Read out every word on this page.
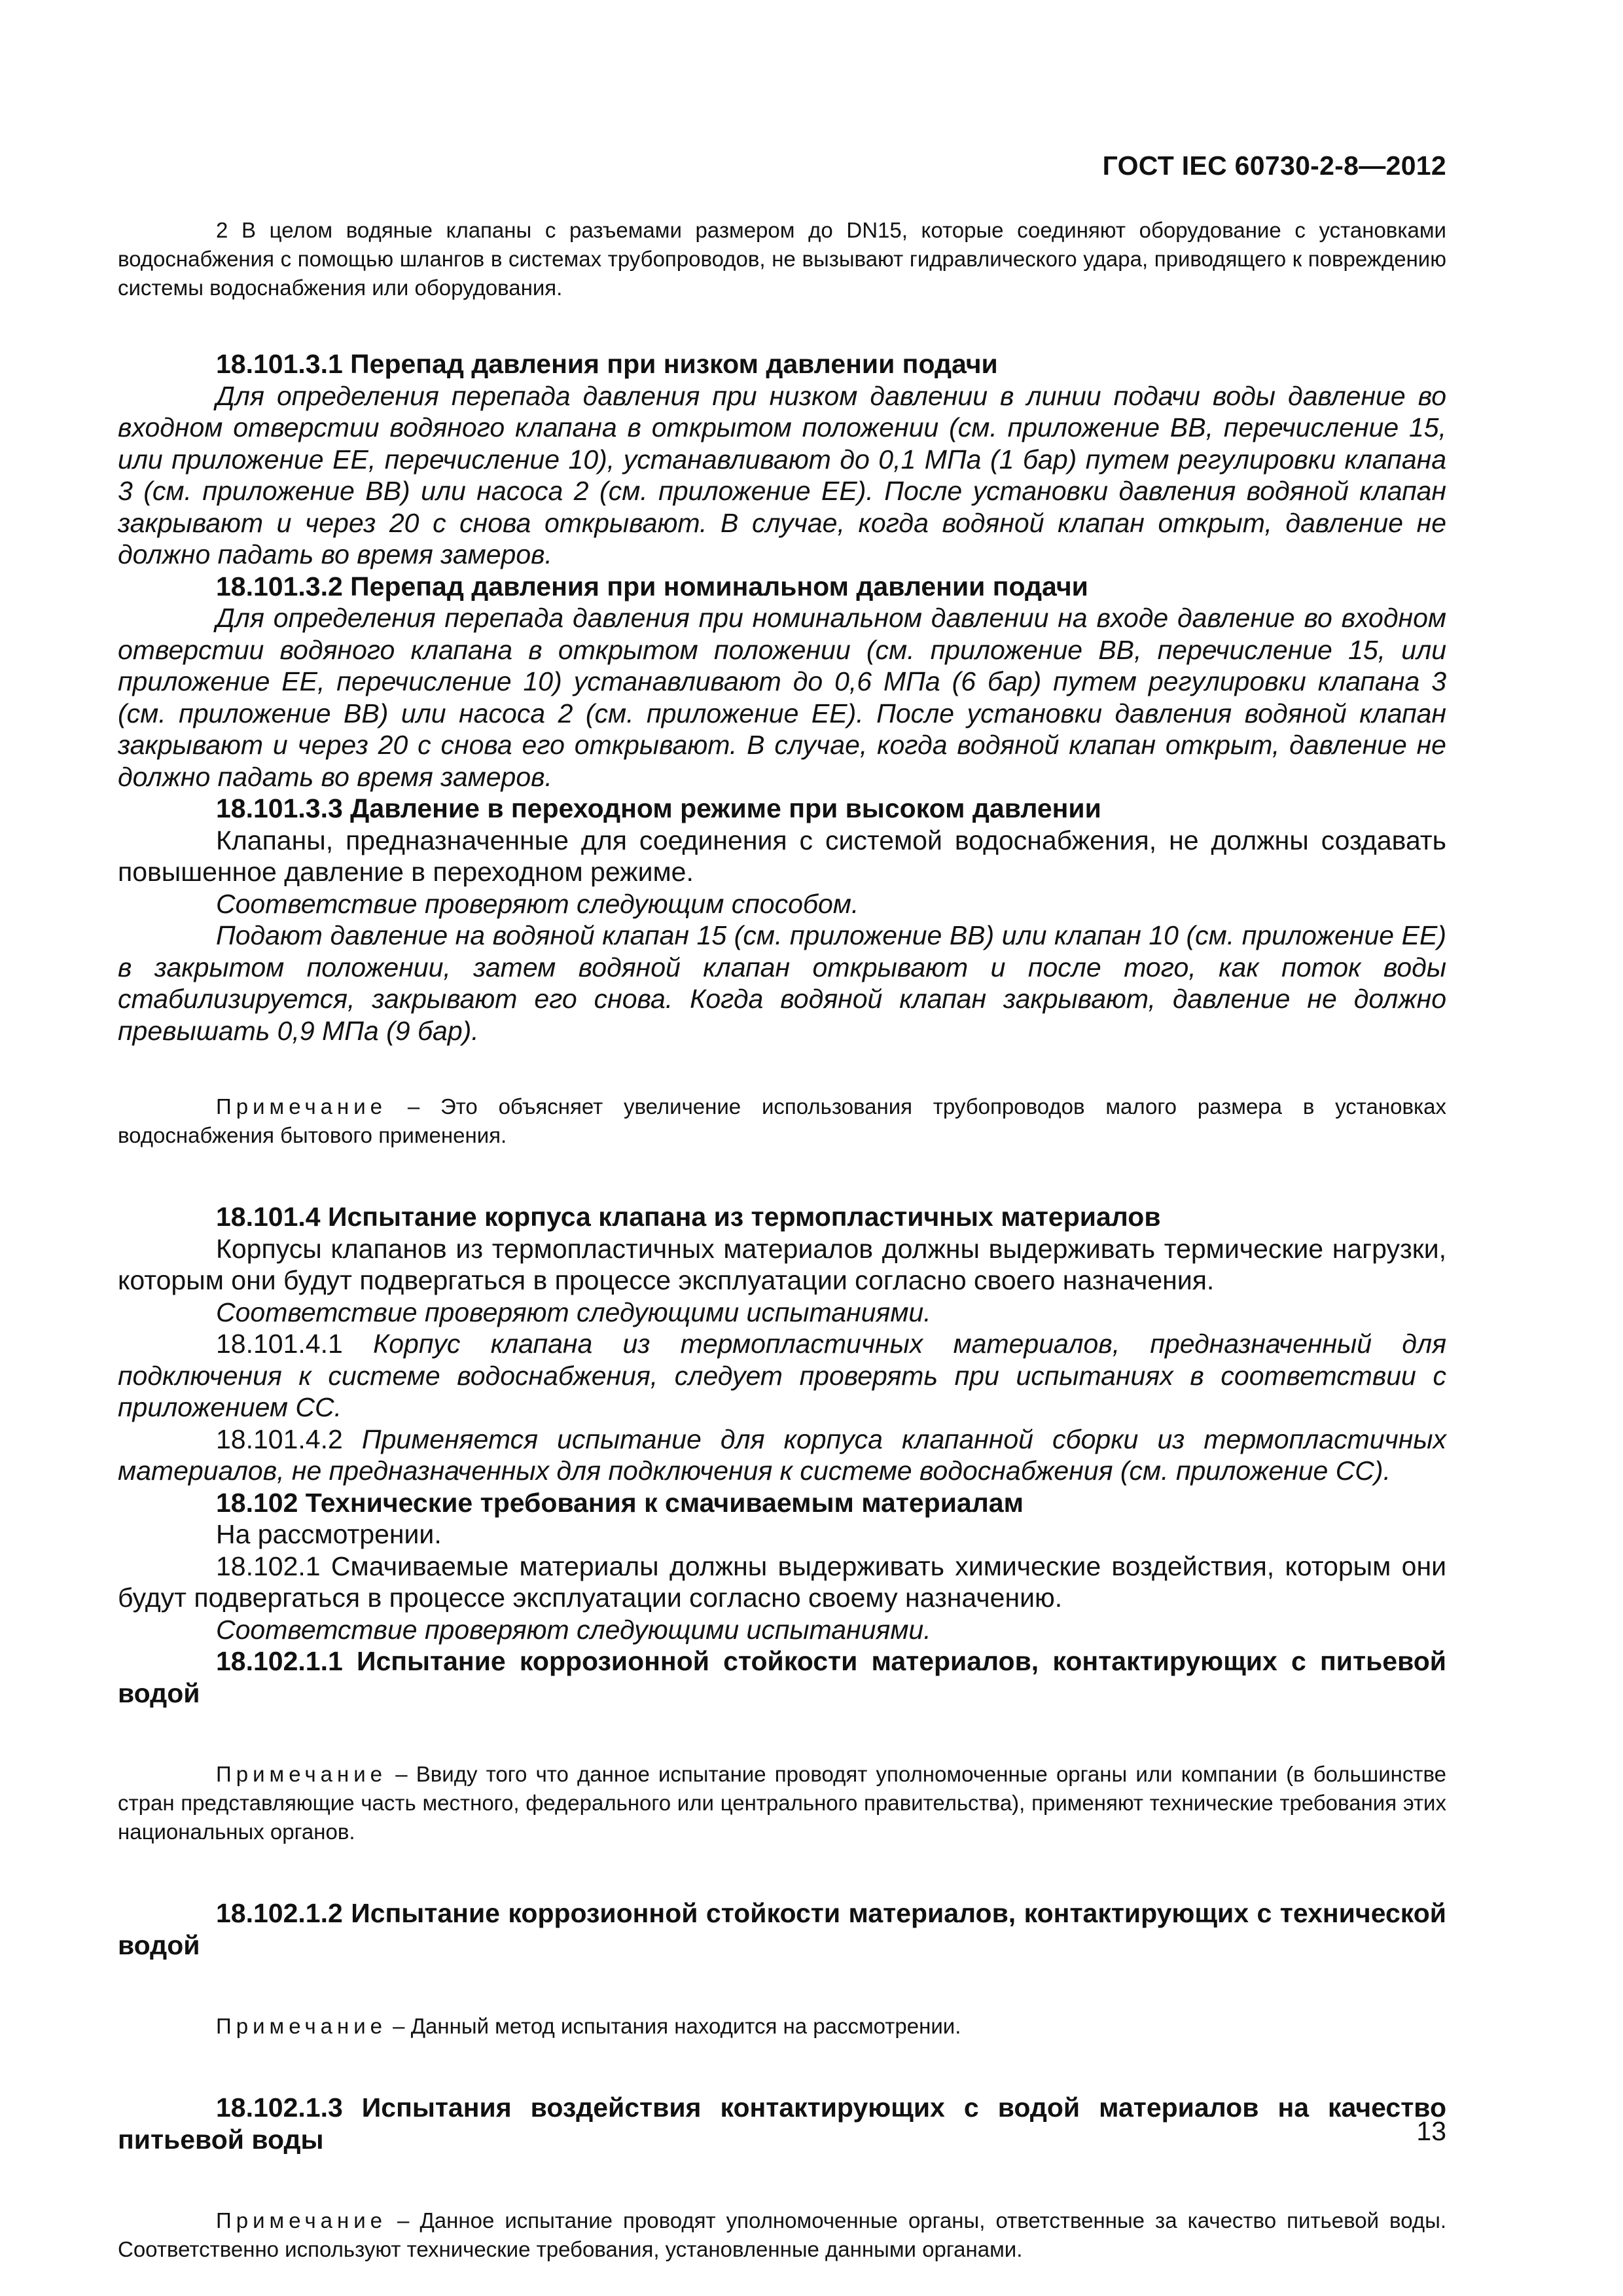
ГОСТ IEC 60730-2-8—2012

2 В целом водяные клапаны с разъемами размером до DN15, которые соединяют оборудование с установками водоснабжения с помощью шлангов в системах трубопроводов, не вызывают гидравлического удара, приводящего к повреждению системы водоснабжения или оборудования.

18.101.3.1 Перепад давления при низком давлении подачи

Для определения перепада давления при низком давлении в линии подачи воды давление во входном отверстии водяного клапана в открытом положении (см. приложение ВВ, перечисление 15, или приложение ЕЕ, перечисление 10), устанавливают до 0,1 МПа (1 бар) путем регулировки клапана 3 (см. приложение ВВ) или насоса 2 (см. приложение ЕЕ). После установки давления водяной клапан закрывают и через 20 с снова открывают. В случае, когда водяной клапан открыт, давление не должно падать во время замеров.

18.101.3.2 Перепад давления при номинальном давлении подачи

Для определения перепада давления при номинальном давлении на входе давление во входном отверстии водяного клапана в открытом положении (см. приложение ВВ, перечисление 15, или приложение ЕЕ, перечисление 10) устанавливают до 0,6 МПа (6 бар) путем регулировки клапана 3 (см. приложение ВВ) или насоса 2 (см. приложение ЕЕ). После установки давления водяной клапан закрывают и через 20 с снова его открывают. В случае, когда водяной клапан открыт, давление не должно падать во время замеров.

18.101.3.3 Давление в переходном режиме при высоком давлении

Клапаны, предназначенные для соединения с системой водоснабжения, не должны создавать повышенное давление в переходном режиме.

Соответствие проверяют следующим способом.

Подают давление на водяной клапан 15 (см. приложение ВВ) или клапан 10 (см. приложение ЕЕ) в закрытом положении, затем водяной клапан открывают и после того, как поток воды стабилизируется, закрывают его снова. Когда водяной клапан закрывают, давление не должно превышать 0,9 МПа (9 бар).

Примечание – Это объясняет увеличение использования трубопроводов малого размера в установках водоснабжения бытового применения.

18.101.4 Испытание корпуса клапана из термопластичных материалов

Корпусы клапанов из термопластичных материалов должны выдерживать термические нагрузки, которым они будут подвергаться в процессе эксплуатации согласно своего назначения.

Соответствие проверяют следующими испытаниями.

18.101.4.1 Корпус клапана из термопластичных материалов, предназначенный для подключения к системе водоснабжения, следует проверять при испытаниях в соответствии с приложением СС.

18.101.4.2 Применяется испытание для корпуса клапанной сборки из термопластичных материалов, не предназначенных для подключения к системе водоснабжения (см. приложение СС).

18.102 Технические требования к смачиваемым материалам

На рассмотрении.

18.102.1 Смачиваемые материалы должны выдерживать химические воздействия, которым они будут подвергаться в процессе эксплуатации согласно своему назначению.

Соответствие проверяют следующими испытаниями.

18.102.1.1 Испытание коррозионной стойкости материалов, контактирующих с питьевой водой

Примечание – Ввиду того что данное испытание проводят уполномоченные органы или компании (в большинстве стран представляющие часть местного, федерального или центрального правительства), применяют технические требования этих национальных органов.

18.102.1.2 Испытание коррозионной стойкости материалов, контактирующих с технической водой

Примечание – Данный метод испытания находится на рассмотрении.

18.102.1.3 Испытания воздействия контактирующих с водой материалов на качество питьевой воды

Примечание – Данное испытание проводят уполномоченные органы, ответственные за качество питьевой воды. Соответственно используют технические требования, установленные данными органами.

13
